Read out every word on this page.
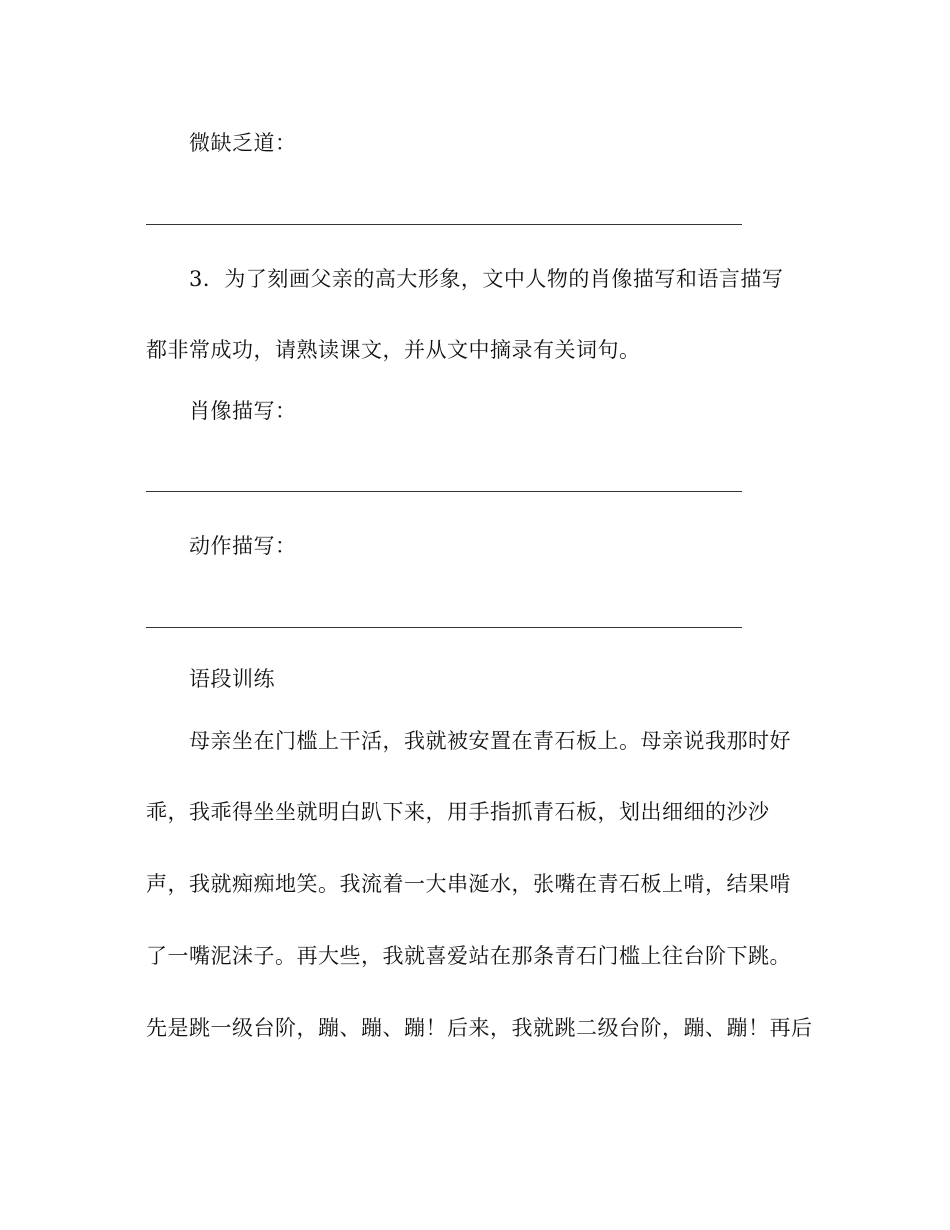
微缺乏道：
3．为了刻画父亲的高大形象，文中人物的肖像描写和语言描写
都非常成功，请熟读课文，并从文中摘录有关词句。
肖像描写：
动作描写：
语段训练
母亲坐在门槛上干活，我就被安置在青石板上。母亲说我那时好
乖，我乖得坐坐就明白趴下来，用手指抓青石板，划出细细的沙沙
声，我就痴痴地笑。我流着一大串涎水，张嘴在青石板上啃，结果啃
了一嘴泥沫子。再大些，我就喜爱站在那条青石门槛上往台阶下跳。
先是跳一级台阶，蹦、蹦、蹦！后来，我就跳二级台阶，蹦、蹦！再后
